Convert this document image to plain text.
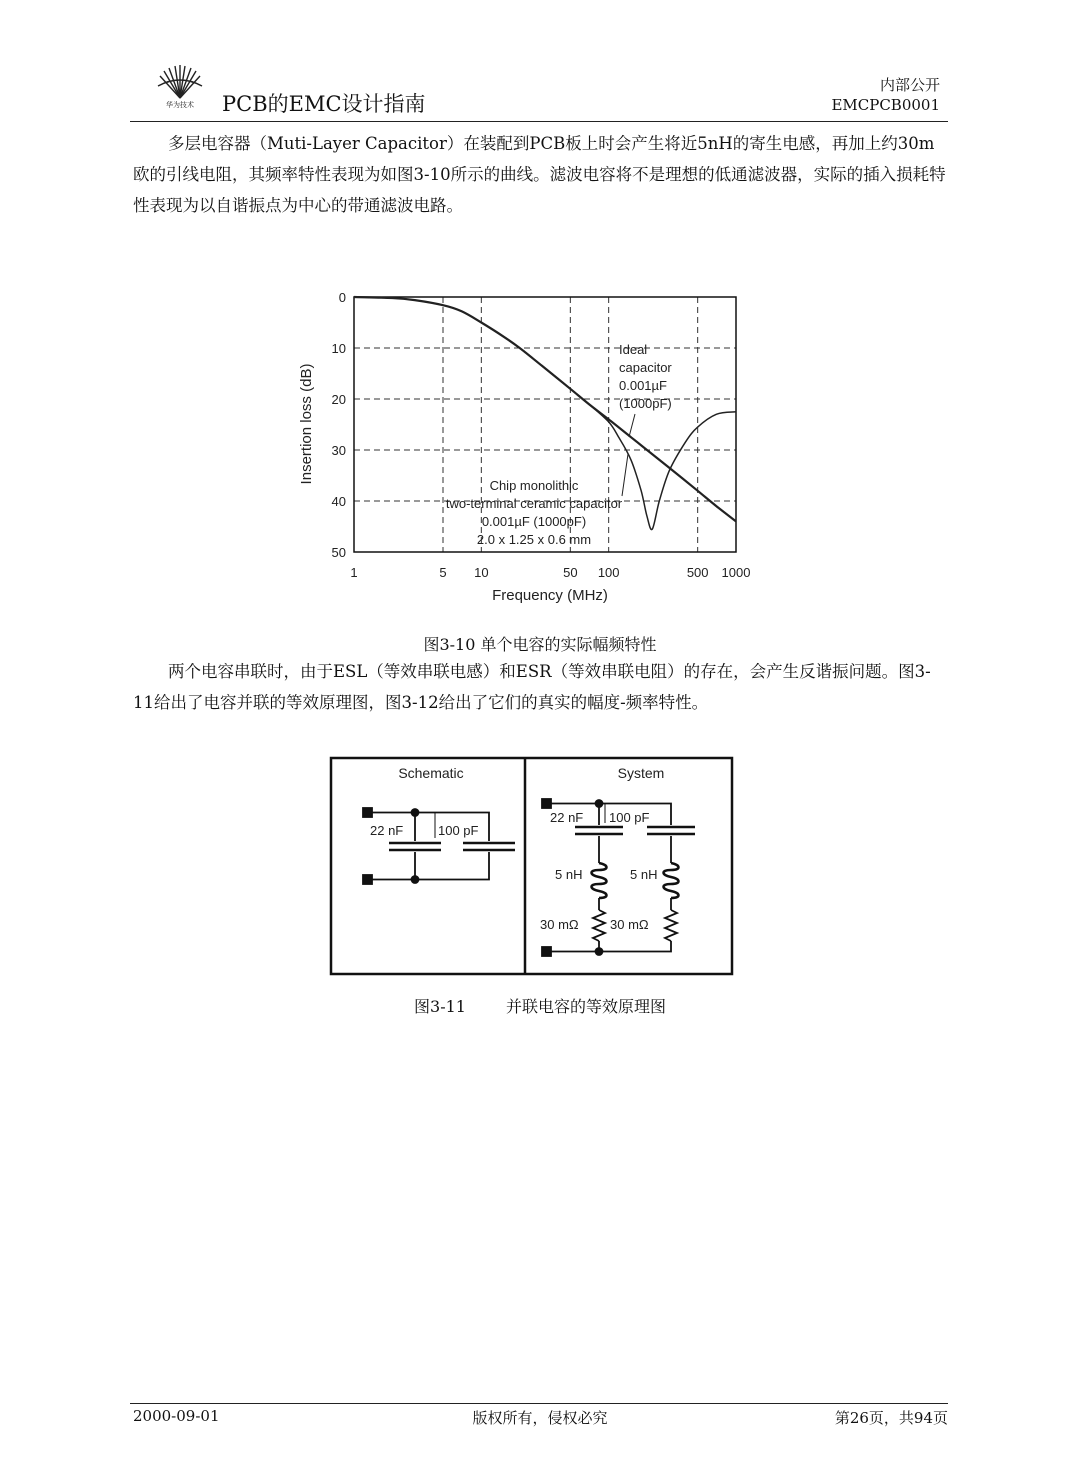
华为技术 PCB的EMC设计指南
内部公开
EMCPCB0001

多层电容器（Muti-Layer Capacitor）在装配到PCB板上时会产生将近5nH的寄生电感，再加上约30m欧的引线电阻，其频率特性表现为如图3-10所示的曲线。滤波电容将不是理想的低通滤波器，实际的插入损耗特性表现为以自谐振点为中心的带通滤波电路。

1	5 10	50 100	500 1000
0
10
20
30
40
50
Frequency (MHz)
Insertion loss (dB)
Ideal
capacitor
0.001µF
(1000pF)
Chip monolithic
two-terminal ceramic capacitor
0.001µF (1000pF)
2.0 x 1.25 x 0.6 mm
图3-10 单个电容的实际幅频特性

两个电容串联时，由于ESL（等效串联电感）和ESR（等效串联电阻）的存在，会产生反谐振问题。图3-11给出了电容并联的等效原理图，图3-12给出了它们的真实的幅度-频率特性。

Schematic	System
22 nF	100 pF
22 nF 100 pF
5 nH	5 nH
30 mΩ 30 mΩ
图3-11	并联电容的等效原理图
2000-09-01	版权所有，侵权必究	第26页，共94页
